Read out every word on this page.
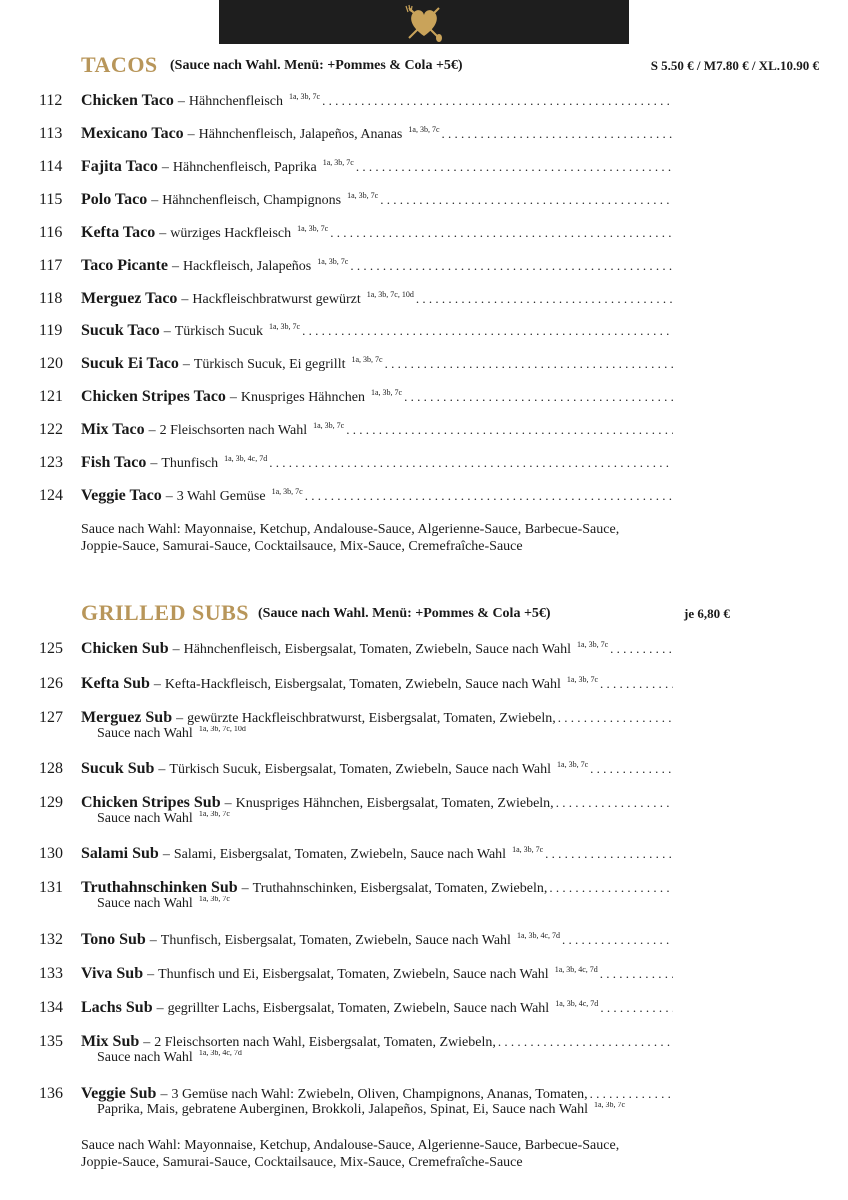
TACOS (Sauce nach Wahl. Menü: +Pommes & Cola +5€)	S 5.50 € / M7.80 € / XL.10.90 €
112 Chicken Taco – Hähnchenfleisch 1a, 3b, 7c
. . .
113 Mexicano Taco – Hähnchenfleisch, Jalapeños, Ananas 1a, 3b, 7c
. . .
114 Fajita Taco – Hähnchenfleisch, Paprika 1a, 3b, 7c
. . .
115 Polo Taco – Hähnchenfleisch, Champignons 1a, 3b, 7c
. . .
116 Kefta Taco – würziges Hackfleisch 1a, 3b, 7c
. . .
117 Taco Picante – Hackfleisch, Jalapeños 1a, 3b, 7c
. . .
118 Merguez Taco – Hackfleischbratwurst gewürzt 1a, 3b, 7c, 10d
. . .
119 Sucuk Taco – Türkisch Sucuk 1a, 3b, 7c
. . .
120 Sucuk Ei Taco – Türkisch Sucuk, Ei gegrillt 1a, 3b, 7c
. . .
121 Chicken Stripes Taco – Knuspriges Hähnchen 1a, 3b, 7c
. . .
122 Mix Taco – 2 Fleischsorten nach Wahl 1a, 3b, 7c
. . .
123 Fish Taco – Thunfisch 1a, 3b, 4c, 7d
. . .
124 Veggie Taco – 3 Wahl Gemüse 1a, 3b, 7c
. . .
Sauce nach Wahl: Mayonnaise, Ketchup, Andalouse-Sauce, Algerienne-Sauce, Barbecue-Sauce,
Joppie-Sauce, Samurai-Sauce, Cocktailsauce, Mix-Sauce, Cremefraîche-Sauce
GRILLED SUBS (Sauce nach Wahl. Menü: +Pommes & Cola +5€)	je 6,80 €
125 Chicken Sub – Hähnchenfleisch, Eisbergsalat, Tomaten, Zwiebeln, Sauce nach Wahl 1a, 3b, 7c
. . .
126 Kefta Sub – Kefta-Hackfleisch, Eisbergsalat, Tomaten, Zwiebeln, Sauce nach Wahl 1a, 3b, 7c
. . .
127 Merguez Sub – gewürzte Hackfleischbratwurst, Eisbergsalat, Tomaten, Zwiebeln,
. . .
Sauce nach Wahl 1a, 3b, 7c, 10d
128 Sucuk Sub – Türkisch Sucuk, Eisbergsalat, Tomaten, Zwiebeln, Sauce nach Wahl 1a, 3b, 7c
. . .
129 Chicken Stripes Sub – Knuspriges Hähnchen, Eisbergsalat, Tomaten, Zwiebeln,
. . .
Sauce nach Wahl 1a, 3b, 7c
130 Salami Sub – Salami, Eisbergsalat, Tomaten, Zwiebeln, Sauce nach Wahl 1a, 3b, 7c
. . .
131 Truthahnschinken Sub – Truthahnschinken, Eisbergsalat, Tomaten, Zwiebeln,
. . .
Sauce nach Wahl 1a, 3b, 7c
132 Tono Sub – Thunfisch, Eisbergsalat, Tomaten, Zwiebeln, Sauce nach Wahl 1a, 3b, 4c, 7d
. . .
133 Viva Sub – Thunfisch und Ei, Eisbergsalat, Tomaten, Zwiebeln, Sauce nach Wahl 1a, 3b, 4c, 7d
. . .
134 Lachs Sub – gegrillter Lachs, Eisbergsalat, Tomaten, Zwiebeln, Sauce nach Wahl 1a, 3b, 4c, 7d
. . .
135 Mix Sub – 2 Fleischsorten nach Wahl, Eisbergsalat, Tomaten, Zwiebeln,
. . .
Sauce nach Wahl 1a, 3b, 4c, 7d
136 Veggie Sub – 3 Gemüse nach Wahl: Zwiebeln, Oliven, Champignons, Ananas, Tomaten,
. . .
Paprika, Mais, gebratene Auberginen, Brokkoli, Jalapeños, Spinat, Ei, Sauce nach Wahl 1a, 3b, 7c
Sauce nach Wahl: Mayonnaise, Ketchup, Andalouse-Sauce, Algerienne-Sauce, Barbecue-Sauce,
Joppie-Sauce, Samurai-Sauce, Cocktailsauce, Mix-Sauce, Cremefraîche-Sauce
